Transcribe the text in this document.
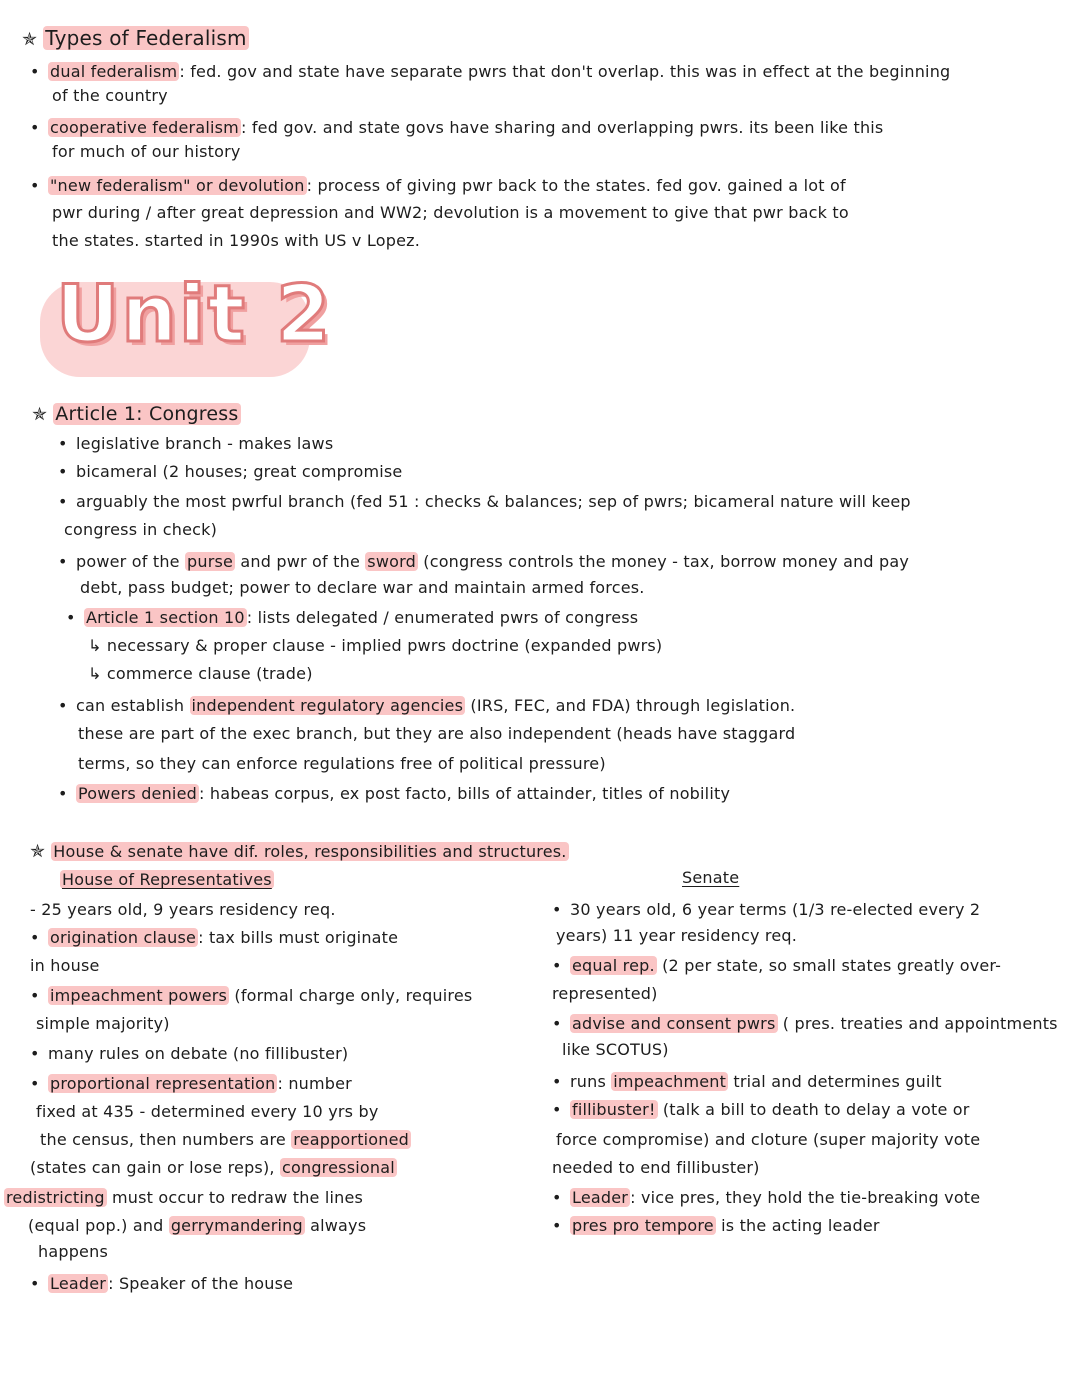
✯ Types of Federalism
• dual federalism : fed. gov and state have separate pwrs that don't overlap. this was in effect at the beginning
of the country
• cooperative federalism : fed gov. and state govs have sharing and overlapping pwrs. its been like this
for much of our history
• "new federalism" or devolution : process of giving pwr back to the states. fed gov. gained a lot of
pwr during / after great depression and WW2; devolution is a movement to give that pwr back to
the states. started in 1990s with US v Lopez.
Unit 2
✯ Article 1: Congress
• legislative branch - makes laws
• bicameral (2 houses; great compromise
• arguably the most pwrful branch (fed 51 : checks & balances; sep of pwrs; bicameral nature will keep
congress in check)
• power of the purse and pwr of the sword (congress controls the money - tax, borrow money and pay
debt, pass budget; power to declare war and maintain armed forces.
• Article 1 section 10 : lists delegated / enumerated pwrs of congress
↳ necessary & proper clause - implied pwrs doctrine (expanded pwrs)
↳ commerce clause (trade)
• can establish independent regulatory agencies (IRS, FEC, and FDA) through legislation.
these are part of the exec branch, but they are also independent (heads have staggard
terms, so they can enforce regulations free of political pressure)
• Powers denied : habeas corpus, ex post facto, bills of attainder, titles of nobility
✯ House & senate have dif. roles, responsibilities and structures.
House of Representatives
- 25 years old, 9 years residency req.
• origination clause : tax bills must originate
in house
• impeachment powers (formal charge only, requires
simple majority)
• many rules on debate (no fillibuster)
• proportional representation : number
fixed at 435 - determined every 10 yrs by
the census, then numbers are reapportioned
(states can gain or lose reps), congressional
redistricting must occur to redraw the lines
(equal pop.) and gerrymandering always
happens
• Leader : Speaker of the house
Senate
• 30 years old, 6 year terms (1/3 re-elected every 2
years) 11 year residency req.
• equal rep. (2 per state, so small states greatly over-
represented)
• advise and consent pwrs ( pres. treaties and appointments
like SCOTUS)
• runs impeachment trial and determines guilt
• fillibuster! (talk a bill to death to delay a vote or
force compromise) and cloture (super majority vote
needed to end fillibuster)
• Leader : vice pres, they hold the tie-breaking vote
• pres pro tempore is the acting leader
